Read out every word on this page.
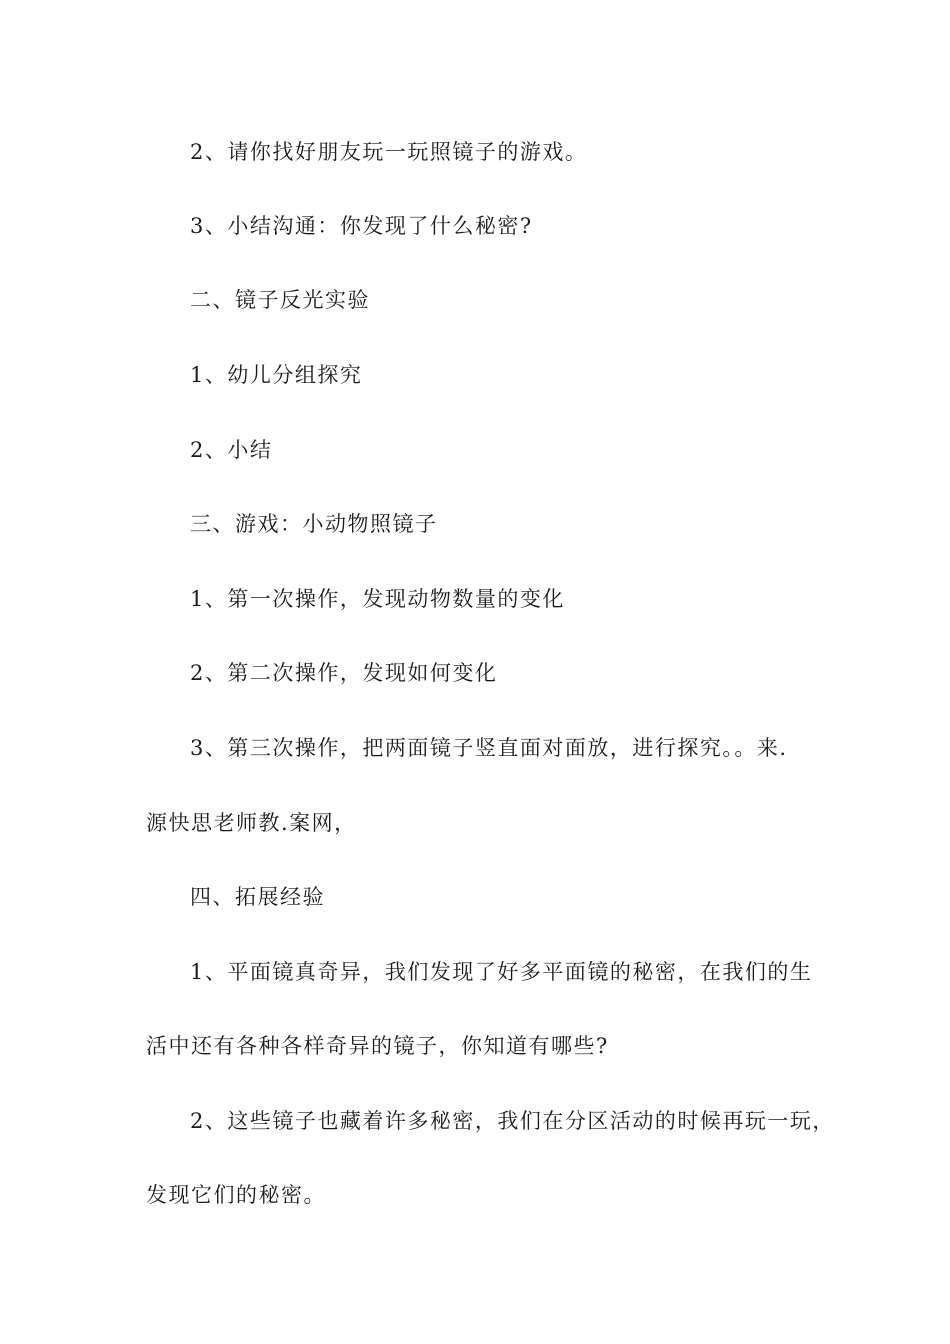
2、请你找好朋友玩一玩照镜子的游戏。
3、小结沟通：你发现了什么秘密?
二、镜子反光实验
1、幼儿分组探究
2、小结
三、游戏：小动物照镜子
1、第一次操作，发现动物数量的变化
2、第二次操作，发现如何变化
3、第三次操作，把两面镜子竖直面对面放，进行探究。。来.
源快思老师教.案网，
四、拓展经验
1、平面镜真奇异，我们发现了好多平面镜的秘密，在我们的生
活中还有各种各样奇异的镜子，你知道有哪些?
2、这些镜子也藏着许多秘密，我们在分区活动的时候再玩一玩，
发现它们的秘密。
